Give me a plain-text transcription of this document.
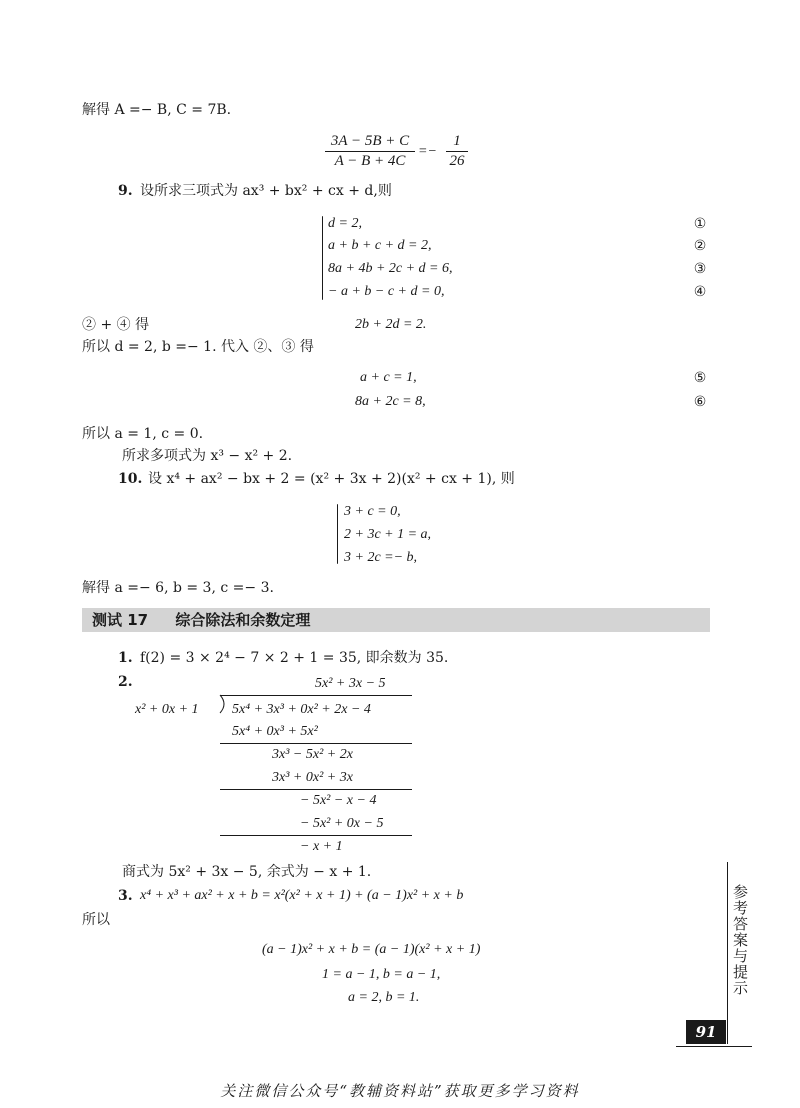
解得 A =− B, C = 7B.
$\frac{3A - 5B + C}{A - B + 4C} =- \frac{1}{26}$
9. 设所求三项式为 ax³ + bx² + cx + d,则
d = 2,
a + b + c + d = 2,
8a + 4b + 2c + d = 6,
− a + b − c + d = 0,
①
②
③
④
② + ④ 得	2b + 2d = 2.
所以 d = 2, b =− 1. 代入 ②、③ 得
a + c = 1,
8a + 2c = 8,
⑤
⑥
所以 a = 1, c = 0.
所求多项式为 x³ − x² + 2.
10. 设 x⁴ + ax² − bx + 2 = (x² + 3x + 2)(x² + cx + 1), 则
3 + c = 0,
2 + 3c + 1 = a,
3 + 2c =− b,
解得 a =− 6, b = 3, c =− 3.
测试 17 综合除法和余数定理
1. f(2) = 3 × 2⁴ − 7 × 2 + 1 = 35, 即余数为 35.
2.	5x² + 3x − 5
x² + 0x + 1 5x⁴ + 3x³ + 0x² + 2x − 4
5x⁴ + 0x³ + 5x²
3x³ − 5x² + 2x
3x³ + 0x² + 3x
− 5x² − x − 4
− 5x² + 0x − 5
− x + 1
商式为 5x² + 3x − 5, 余式为 − x + 1.
3. x⁴ + x³ + ax² + x + b = x²(x² + x + 1) + (a − 1)x² + x + b
所以
(a − 1)x² + x + b = (a − 1)(x² + x + 1)
1 = a − 1, b = a − 1,
a = 2, b = 1.
参考答案与提示
91
关注微信公众号“教辅资料站”获取更多学习资料
